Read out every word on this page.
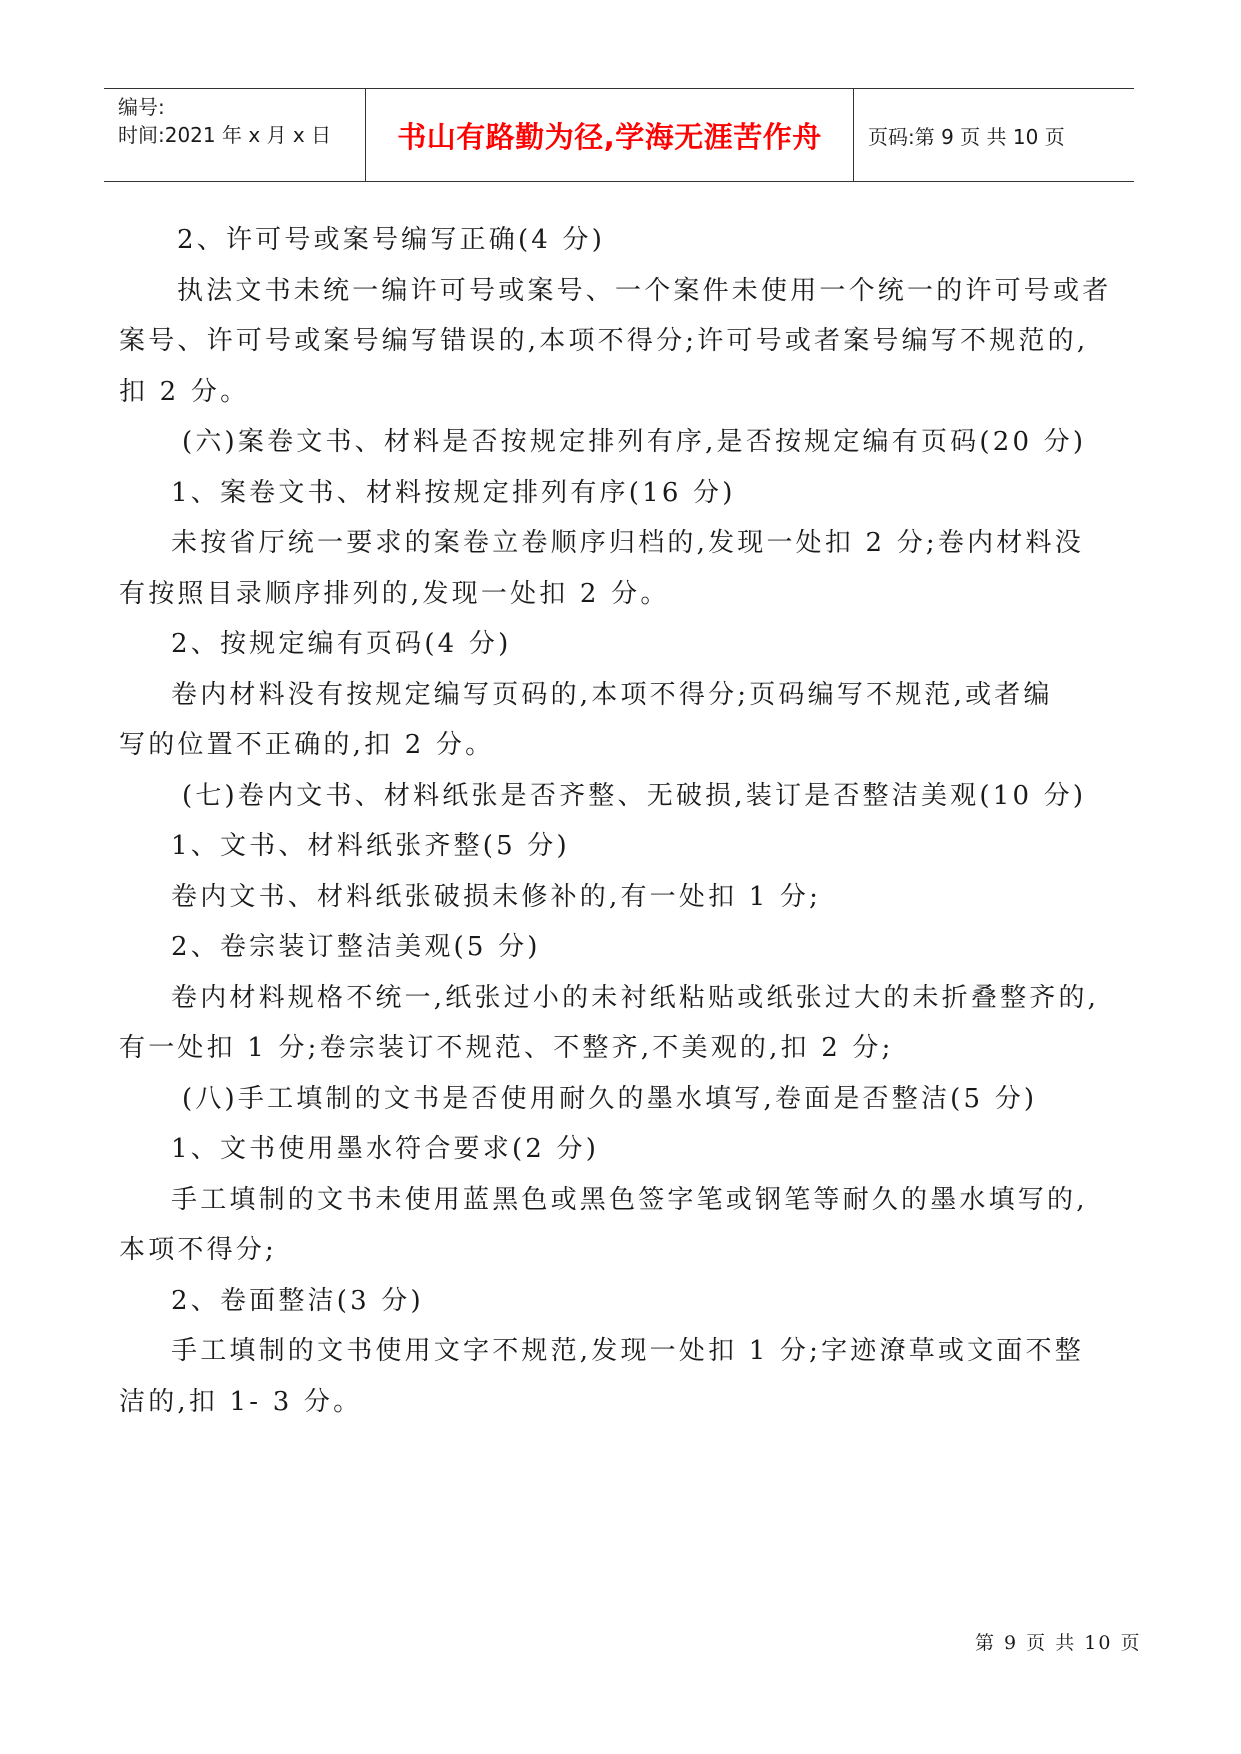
编号:
时间:2021 年 x 月 x 日	书山有路勤为径,学海无涯苦作舟 页码:第 9 页 共 10 页

2、许可号或案号编写正确(4 分)

执法文书未统一编许可号或案号、一个案件未使用一个统一的许可号或者

案号、许可号或案号编写错误的,本项不得分;许可号或者案号编写不规范的,

扣 2 分。

(六)案卷文书、材料是否按规定排列有序,是否按规定编有页码(20 分)

1、案卷文书、材料按规定排列有序(16 分)

未按省厅统一要求的案卷立卷顺序归档的,发现一处扣 2 分;卷内材料没

有按照目录顺序排列的,发现一处扣 2 分。

2、按规定编有页码(4 分)

卷内材料没有按规定编写页码的,本项不得分;页码编写不规范,或者编

写的位置不正确的,扣 2 分。

(七)卷内文书、材料纸张是否齐整、无破损,装订是否整洁美观(10 分)

1、文书、材料纸张齐整(5 分)

卷内文书、材料纸张破损未修补的,有一处扣 1 分;

2、卷宗装订整洁美观(5 分)

卷内材料规格不统一,纸张过小的未衬纸粘贴或纸张过大的未折叠整齐的,

有一处扣 1 分;卷宗装订不规范、不整齐,不美观的,扣 2 分;

(八)手工填制的文书是否使用耐久的墨水填写,卷面是否整洁(5 分)

1、文书使用墨水符合要求(2 分)

手工填制的文书未使用蓝黑色或黑色签字笔或钢笔等耐久的墨水填写的,

本项不得分;

2、卷面整洁(3 分)

手工填制的文书使用文字不规范,发现一处扣 1 分;字迹潦草或文面不整

洁的,扣 1- 3 分。

第 9 页 共 10 页
